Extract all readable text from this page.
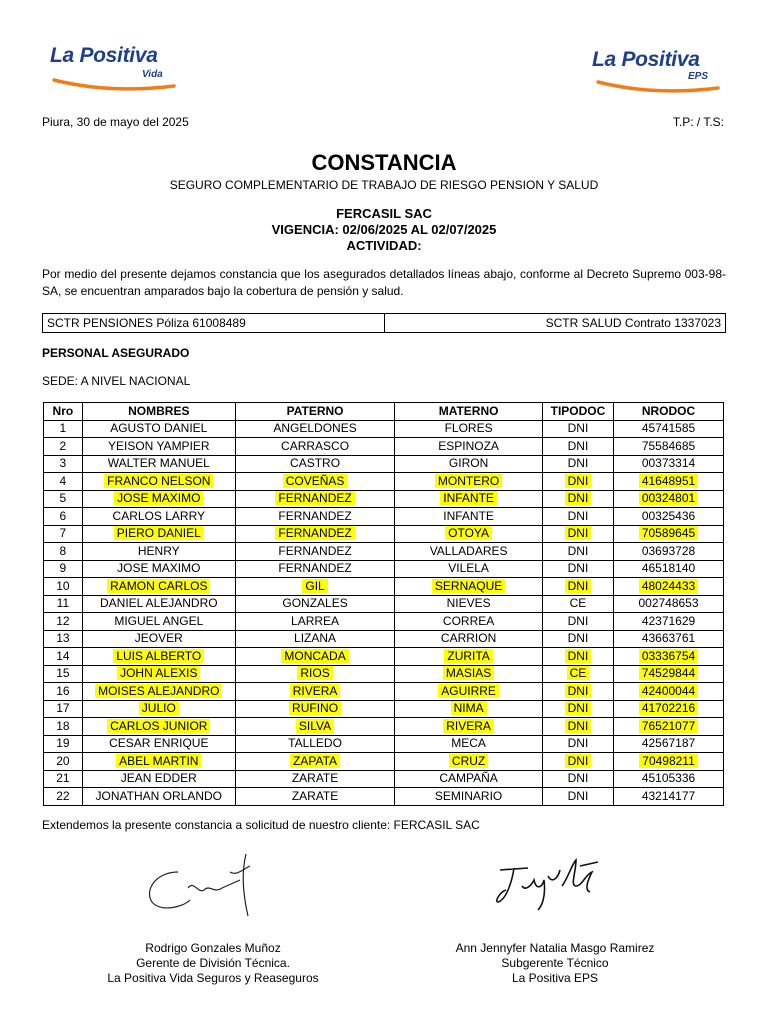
La Positiva
Vida
La Positiva
EPS
Piura, 30 de mayo del 2025	T.P: / T.S:
CONSTANCIA
SEGURO COMPLEMENTARIO DE TRABAJO DE RIESGO PENSION Y SALUD
FERCASIL SAC
VIGENCIA: 02/06/2025 AL 02/07/2025
ACTIVIDAD:
Por medio del presente dejamos constancia que los asegurados detallados líneas abajo, conforme al Decreto Supremo 003-98-SA, se encuentran amparados bajo la cobertura de pensión y salud.
SCTR PENSIONES Póliza 61008489	SCTR SALUD Contrato 1337023
PERSONAL ASEGURADO
SEDE: A NIVEL NACIONAL
Nro	NOMBRES	PATERNO	MATERNO	TIPODOC	NRODOC
1	AGUSTO DANIEL	ANGELDONES	FLORES	DNI	45741585
2	YEISON YAMPIER	CARRASCO	ESPINOZA	DNI	75584685
3	WALTER MANUEL	CASTRO	GIRON	DNI	00373314
4	FRANCO NELSON	COVEÑAS	MONTERO	DNI	41648951
5	JOSE MAXIMO	FERNANDEZ	INFANTE	DNI	00324801
6	CARLOS LARRY	FERNANDEZ	INFANTE	DNI	00325436
7	PIERO DANIEL	FERNANDEZ	OTOYA	DNI	70589645
8	HENRY	FERNANDEZ	VALLADARES	DNI	03693728
9	JOSE MAXIMO	FERNANDEZ	VILELA	DNI	46518140
10	RAMON CARLOS	GIL	SERNAQUE	DNI	48024433
11	DANIEL ALEJANDRO	GONZALES	NIEVES	CE	002748653
12	MIGUEL ANGEL	LARREA	CORREA	DNI	42371629
13	JEOVER	LIZANA	CARRION	DNI	43663761
14	LUIS ALBERTO	MONCADA	ZURITA	DNI	03336754
15	JOHN ALEXIS	RIOS	MASIAS	CE	74529844
16	MOISES ALEJANDRO	RIVERA	AGUIRRE	DNI	42400044
17	JULIO	RUFINO	NIMA	DNI	41702216
18	CARLOS JUNIOR	SILVA	RIVERA	DNI	76521077
19	CESAR ENRIQUE	TALLEDO	MECA	DNI	42567187
20	ABEL MARTIN	ZAPATA	CRUZ	DNI	70498211
21	JEAN EDDER	ZARATE	CAMPAÑA	DNI	45105336
22	JONATHAN ORLANDO	ZARATE	SEMINARIO	DNI	43214177
Extendemos la presente constancia a solicitud de nuestro cliente: FERCASIL SAC
Rodrigo Gonzales Muñoz
Gerente de División Técnica.
La Positiva Vida Seguros y Reaseguros
Ann Jennyfer Natalia Masgo Ramirez
Subgerente Técnico
La Positiva EPS
